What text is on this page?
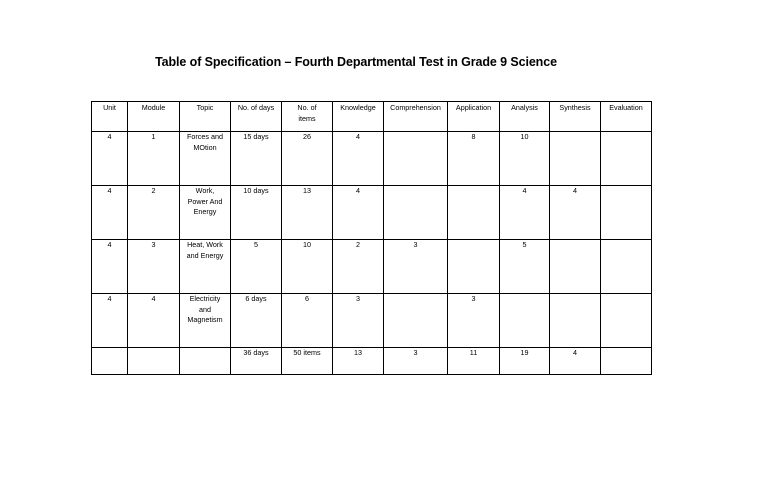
Table of Specification – Fourth Departmental Test in Grade 9 Science
Unit	Module	Topic	No. of days	No. of items	Knowledge	Comprehension	Application	Analysis	Synthesis	Evaluation
4	1	Forces and MOtion	15 days	26	4		8	10		
4	2	Work, Power And Energy	10 days	13	4			4	4	
4	3	Heat, Work and Energy	5	10	2	3		5		
4	4	Electricity and Magnetism	6 days	6	3		3			
			36 days	50 items	13	3	11	19	4	
